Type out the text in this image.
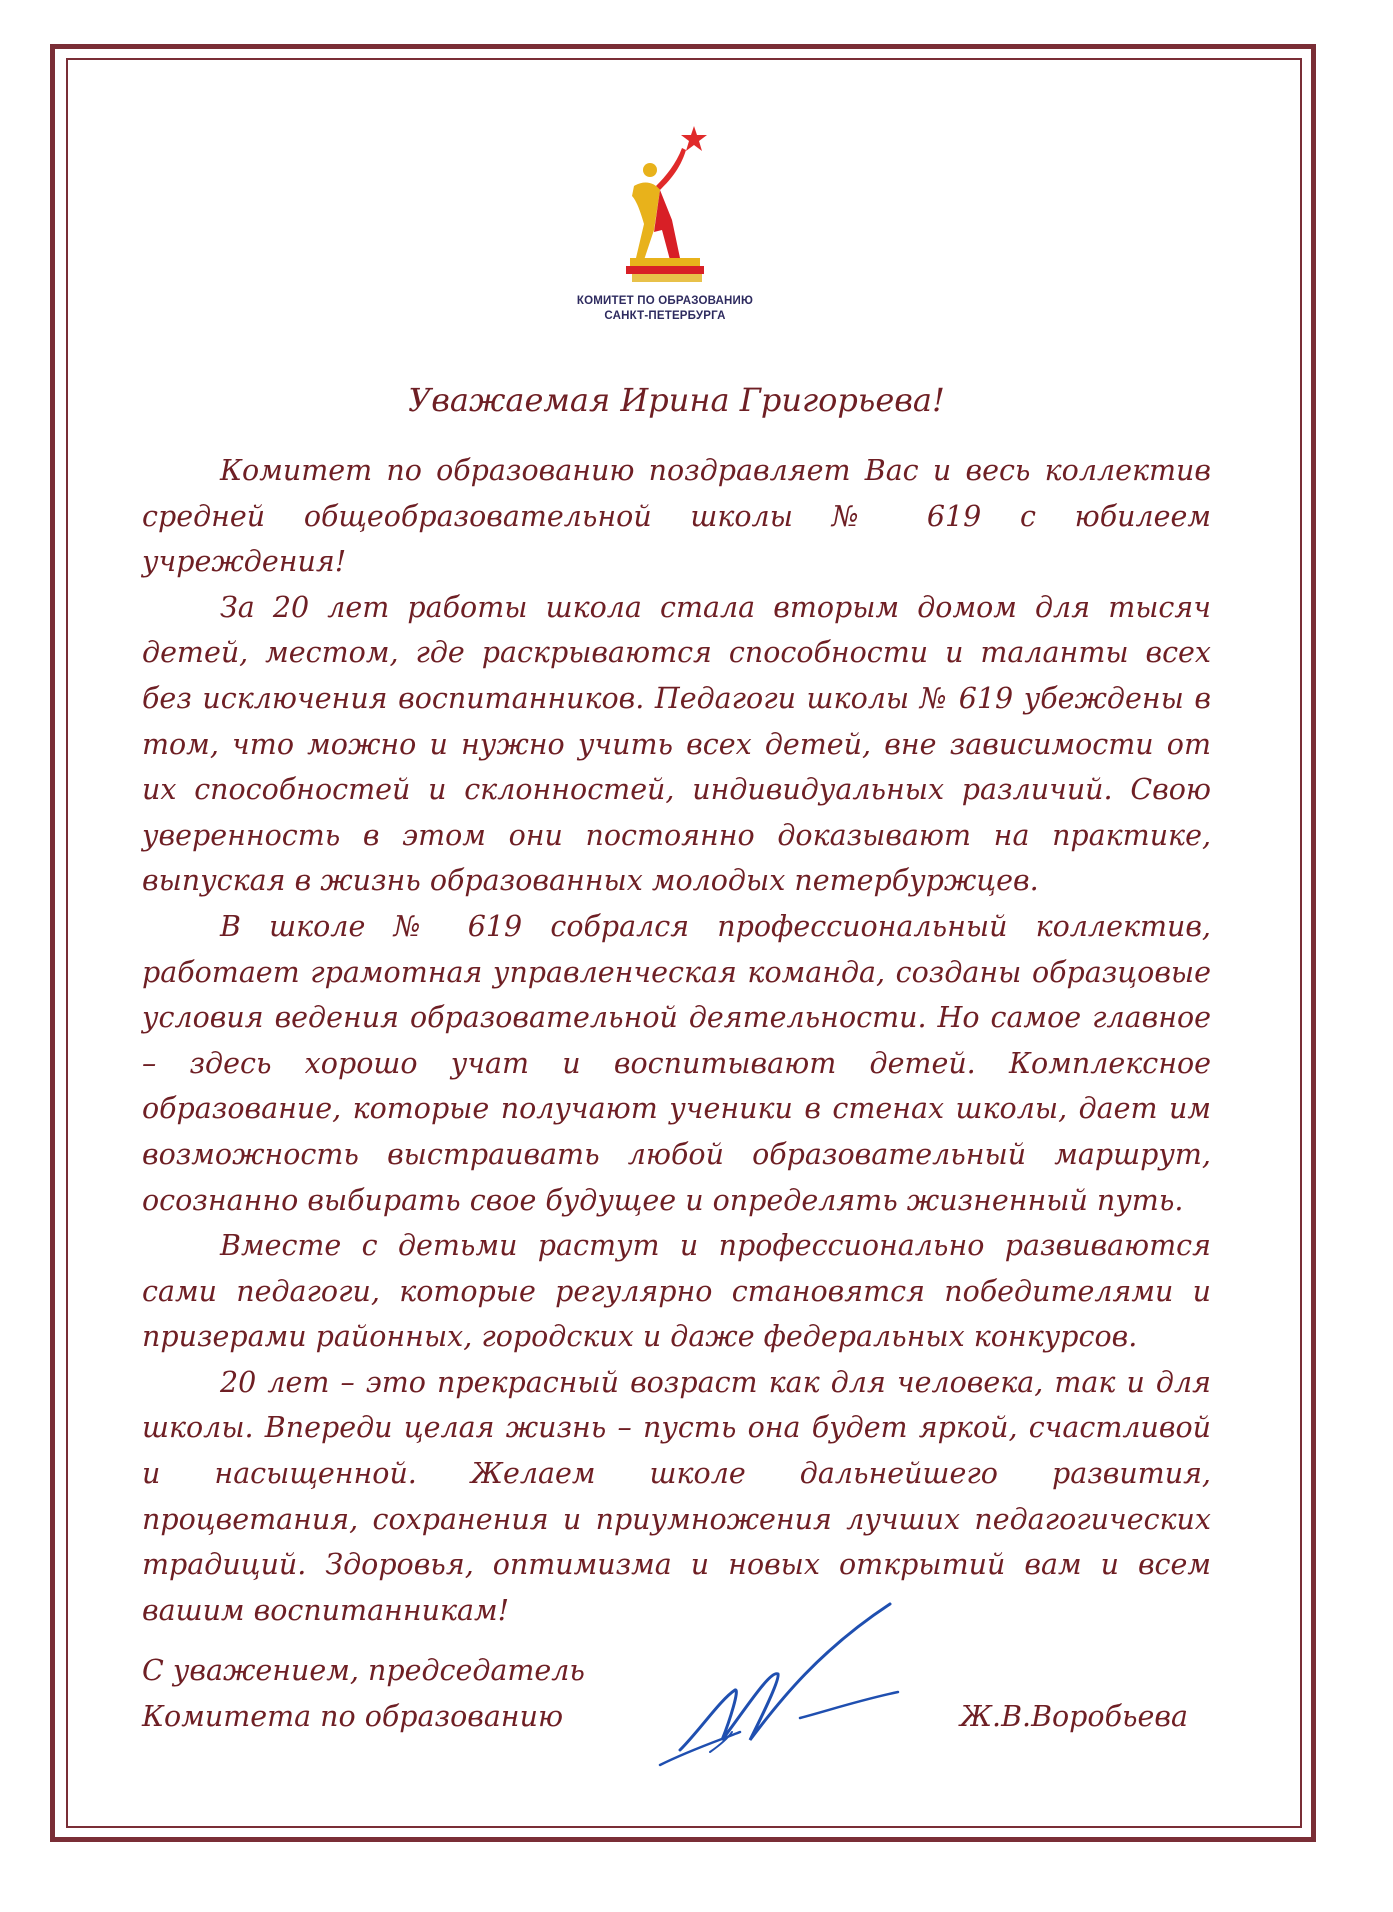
КОМИТЕТ ПО ОБРАЗОВАНИЮ
САНКТ-ПЕТЕРБУРГА
Уважаемая Ирина Григорьева!

Комитет по образованию поздравляет Вас и весь коллектив средней общеобразовательной школы № 619 с юбилеем учреждения!

За 20 лет работы школа стала вторым домом для тысяч детей, местом, где раскрываются способности и таланты всех без исключения воспитанников. Педагоги школы № 619 убеждены в том, что можно и нужно учить всех детей, вне зависимости от их способностей и склонностей, индивидуальных различий. Свою уверенность в этом они постоянно доказывают на практике, выпуская в жизнь образованных молодых петербуржцев.

В школе № 619 собрался профессиональный коллектив, работает грамотная управленческая команда, созданы образцовые условия ведения образовательной деятельности. Но самое главное – здесь хорошо учат и воспитывают детей. Комплексное образование, которые получают ученики в стенах школы, дает им возможность выстраивать любой образовательный маршрут, осознанно выбирать свое будущее и определять жизненный путь.

Вместе с детьми растут и профессионально развиваются сами педагоги, которые регулярно становятся победителями и призерами районных, городских и даже федеральных конкурсов.

20 лет – это прекрасный возраст как для человека, так и для школы. Впереди целая жизнь – пусть она будет яркой, счастливой и насыщенной. Желаем школе дальнейшего развития, процветания, сохранения и приумножения лучших педагогических традиций. Здоровья, оптимизма и новых открытий вам и всем вашим воспитанникам!

С уважением, председатель
Комитета по образованию	Ж.В.Воробьева
